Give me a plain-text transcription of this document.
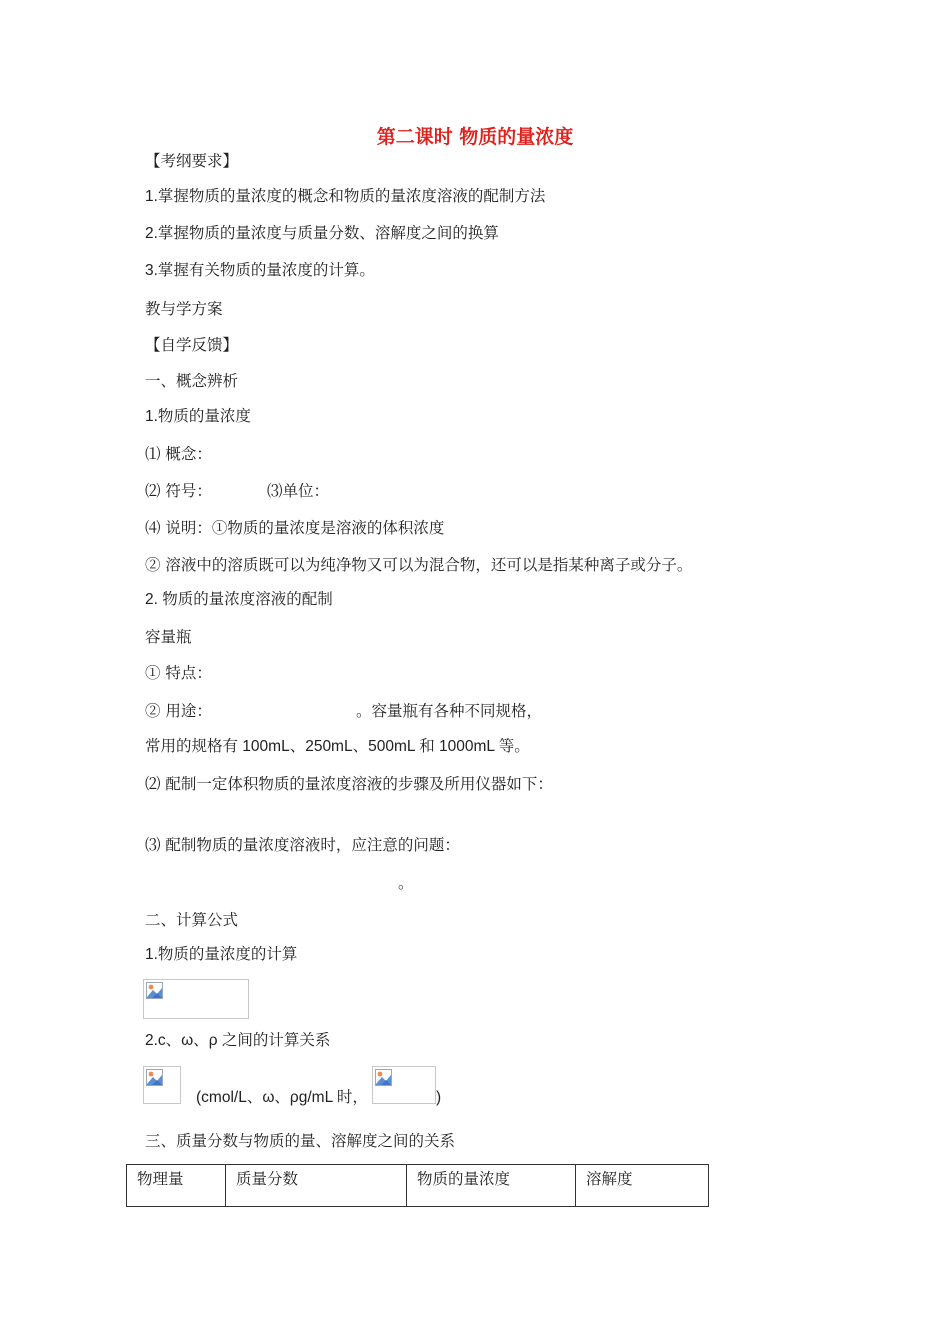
第二课时 物质的量浓度
【考纲要求】
1.掌握物质的量浓度的概念和物质的量浓度溶液的配制方法
2.掌握物质的量浓度与质量分数、溶解度之间的换算
3.掌握有关物质的量浓度的计算。
教与学方案
【自学反馈】
一、概念辨析
1.物质的量浓度
⑴ 概念：
⑵ 符号：	⑶单位：
⑷ 说明：①物质的量浓度是溶液的体积浓度
② 溶液中的溶质既可以为纯净物又可以为混合物，还可以是指某种离子或分子。
2. 物质的量浓度溶液的配制
容量瓶
① 特点：
② 用途：	。容量瓶有各种不同规格，
常用的规格有 100mL、250mL、500mL 和 1000mL 等。
⑵ 配制一定体积物质的量浓度溶液的步骤及所用仪器如下：
⑶ 配制物质的量浓度溶液时，应注意的问题：
。
二、计算公式
1.物质的量浓度的计算
2.c、ω、ρ 之间的计算关系
(cmol/L、ω、ρg/mL 时，	)
三、质量分数与物质的量、溶解度之间的关系
物理量	质量分数	物质的量浓度	溶解度
